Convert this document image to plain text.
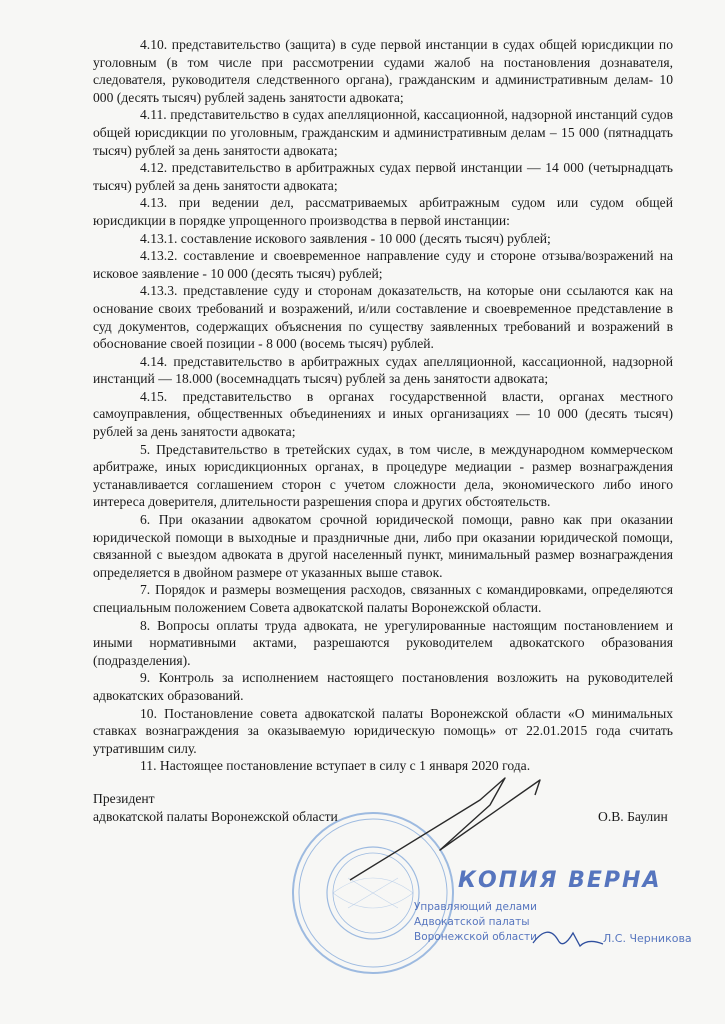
4.10. представительство (защита) в суде первой инстанции в судах общей юрисдикции по уголовным (в том числе при рассмотрении судами жалоб на постановления дознавателя, следователя, руководителя следственного органа), гражданским и административным делам- 10 000 (десять тысяч) рублей задень занятости адвоката;

4.11. представительство в судах апелляционной, кассационной, надзорной инстанций судов общей юрисдикции по уголовным, гражданским и административным делам – 15 000 (пятнадцать тысяч) рублей за день занятости адвоката;

4.12. представительство в арбитражных судах первой инстанции — 14 000 (четырнадцать тысяч) рублей за день занятости адвоката;

4.13. при ведении дел, рассматриваемых арбитражным судом или судом общей юрисдикции в порядке упрощенного производства в первой инстанции:

4.13.1. составление искового заявления - 10 000 (десять тысяч) рублей;

4.13.2. составление и своевременное направление суду и стороне отзыва/возражений на исковое заявление - 10 000 (десять тысяч) рублей;

4.13.3. представление суду и сторонам доказательств, на которые они ссылаются как на основание своих требований и возражений, и/или составление и своевременное представление в суд документов, содержащих объяснения по существу заявленных требований и возражений в обоснование своей позиции - 8 000 (восемь тысяч) рублей.

4.14. представительство в арбитражных судах апелляционной, кассационной, надзорной инстанций — 18.000 (восемнадцать тысяч) рублей за день занятости адвоката;

4.15. представительство в органах государственной власти, органах местного самоуправления, общественных объединениях и иных организациях — 10 000 (десять тысяч) рублей за день занятости адвоката;

5. Представительство в третейских судах, в том числе, в международном коммерческом арбитраже, иных юрисдикционных органах, в процедуре медиации - размер вознаграждения устанавливается соглашением сторон с учетом сложности дела, экономического либо иного интереса доверителя, длительности разрешения спора и других обстоятельств.

6. При оказании адвокатом срочной юридической помощи, равно как при оказании юридической помощи в выходные и праздничные дни, либо при оказании юридической помощи, связанной с выездом адвоката в другой населенный пункт, минимальный размер вознаграждения определяется в двойном размере от указанных выше ставок.

7. Порядок и размеры возмещения расходов, связанных с командировками, определяются специальным положением Совета адвокатской палаты Воронежской области.

8. Вопросы оплаты труда адвоката, не урегулированные настоящим постановлением и иными нормативными актами, разрешаются руководителем адвокатского образования (подразделения).

9. Контроль за исполнением настоящего постановления возложить на руководителей адвокатских образований.

10. Постановление совета адвокатской палаты Воронежской области «О минимальных ставках вознаграждения за оказываемую юридическую помощь» от 22.01.2015 года считать утратившим силу.

11. Настоящее постановление вступает в силу с 1 января 2020 года.

Президент
адвокатской палаты Воронежской области	О.В. Баулин
КОПИЯ ВЕРНА
Управляющий делами
Адвокатской палаты
Воронежской области	Л.С. Черникова
